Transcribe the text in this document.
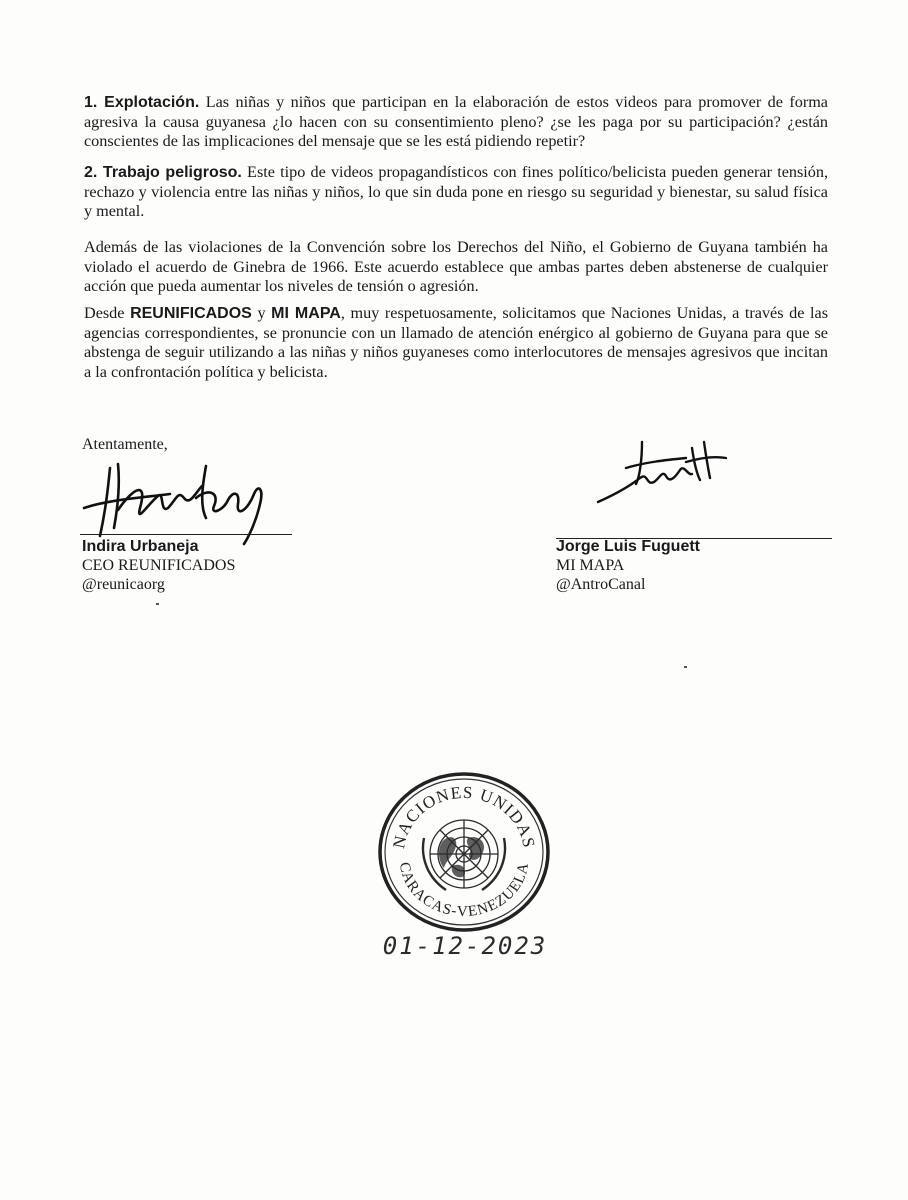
1. Explotación. Las niñas y niños que participan en la elaboración de estos videos para promover de forma agresiva la causa guyanesa ¿lo hacen con su consentimiento pleno? ¿se les paga por su participación? ¿están conscientes de las implicaciones del mensaje que se les está pidiendo repetir?

2. Trabajo peligroso. Este tipo de videos propagandísticos con fines político/belicista pueden generar tensión, rechazo y violencia entre las niñas y niños, lo que sin duda pone en riesgo su seguridad y bienestar, su salud física y mental.

Además de las violaciones de la Convención sobre los Derechos del Niño, el Gobierno de Guyana también ha violado el acuerdo de Ginebra de 1966. Este acuerdo establece que ambas partes deben abstenerse de cualquier acción que pueda aumentar los niveles de tensión o agresión.

Desde REUNIFICADOS y MI MAPA, muy respetuosamente, solicitamos que Naciones Unidas, a través de las agencias correspondientes, se pronuncie con un llamado de atención enérgico al gobierno de Guyana para que se abstenga de seguir utilizando a las niñas y niños guyaneses como interlocutores de mensajes agresivos que incitan a la confrontación política y belicista.

Atentamente,
Indira Urbaneja
CEO REUNIFICADOS
@reunicaorg
Jorge Luis Fuguett
MI MAPA
@AntroCanal
NACIONES UNIDAS
CARACAS-VENEZUELA
01-12-2023
